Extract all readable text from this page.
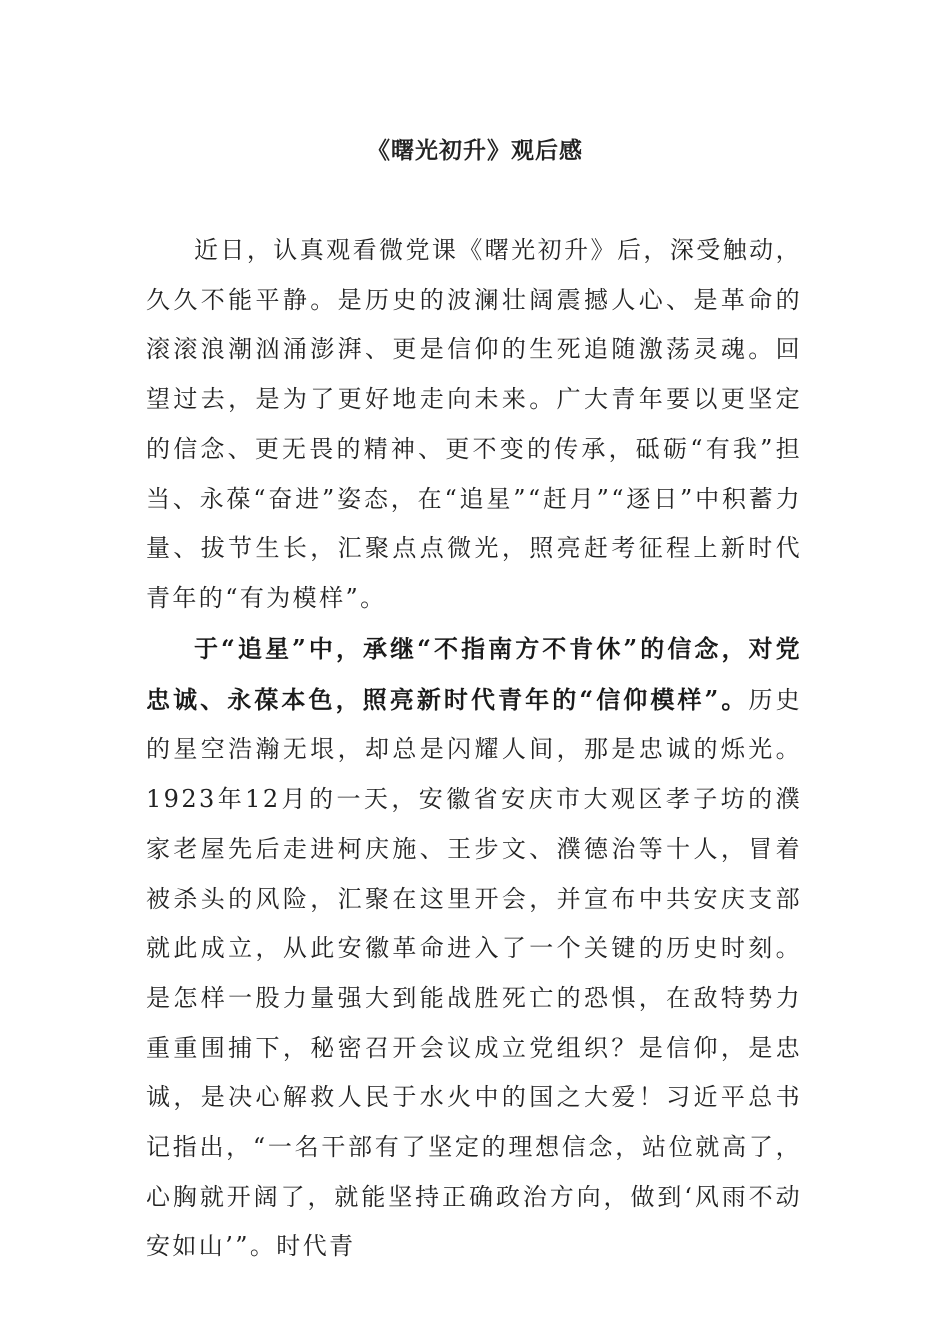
《曙光初升》观后感

近日，认真观看微党课《曙光初升》后，深受触动，久久不能平静。是历史的波澜壮阔震撼人心、是革命的滚滚浪潮汹涌澎湃、更是信仰的生死追随激荡灵魂。回望过去，是为了更好地走向未来。广大青年要以更坚定的信念、更无畏的精神、更不变的传承，砥砺“有我”担当、永葆“奋进”姿态，在“追星”“赶月”“逐日”中积蓄力量、拔节生长，汇聚点点微光，照亮赶考征程上新时代青年的“有为模样”。

于“追星”中，承继“不指南方不肯休”的信念，对党忠诚、永葆本色，照亮新时代青年的“信仰模样”。历史的星空浩瀚无垠，却总是闪耀人间，那是忠诚的烁光。1923年12月的一天，安徽省安庆市大观区孝子坊的濮家老屋先后走进柯庆施、王步文、濮德治等十人，冒着被杀头的风险，汇聚在这里开会，并宣布中共安庆支部就此成立，从此安徽革命进入了一个关键的历史时刻。是怎样一股力量强大到能战胜死亡的恐惧，在敌特势力重重围捕下，秘密召开会议成立党组织？是信仰，是忠诚，是决心解救人民于水火中的国之大爱！习近平总书记指出，“一名干部有了坚定的理想信念，站位就高了，心胸就开阔了，就能坚持正确政治方向，做到‘风雨不动安如山’”。时代青
